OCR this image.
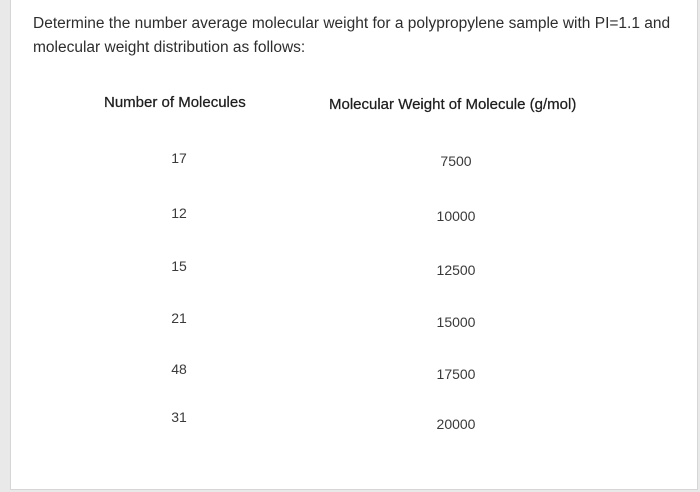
Determine the number average molecular weight for a polypropylene sample with PI=1.1 and
molecular weight distribution as follows:

Number of Molecules	Molecular Weight of Molecule (g/mol)
17	7500
12	10000
15	12500
21	15000
48	17500
31	20000
